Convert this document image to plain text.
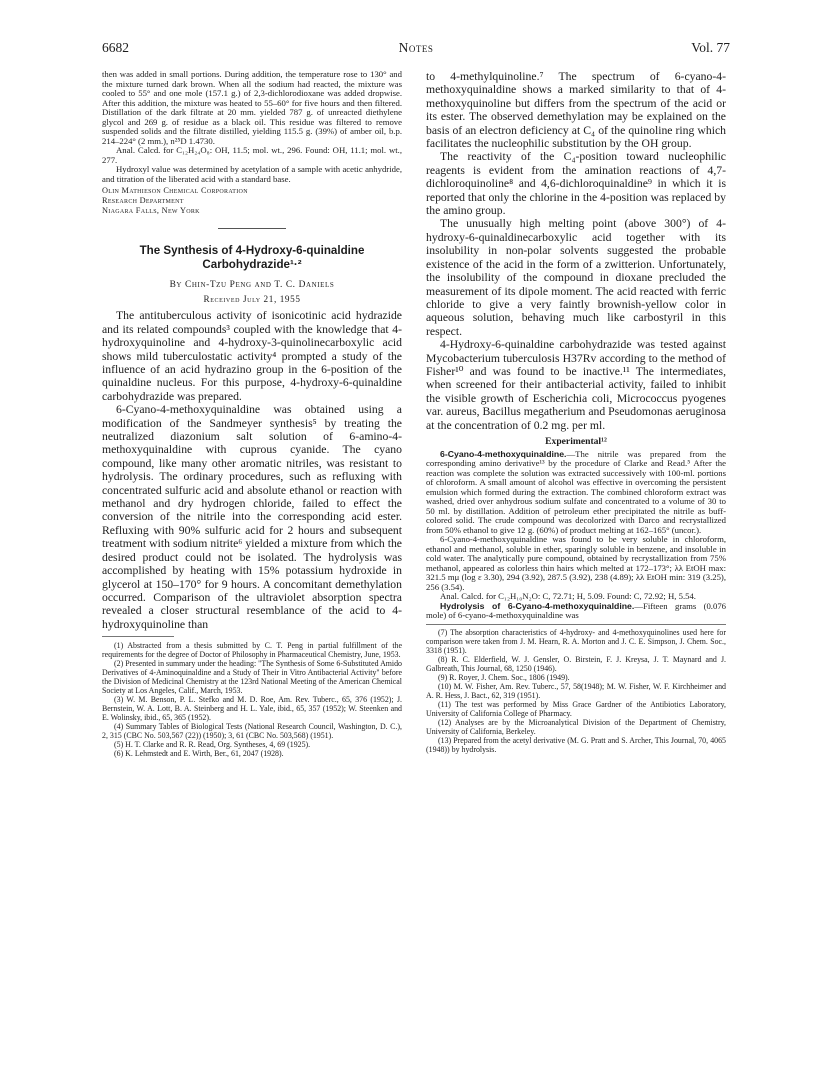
6682	Notes	Vol. 77

then was added in small portions. During addition, the temperature rose to 130° and the mixture turned dark brown. When all the sodium had reacted, the mixture was cooled to 55° and one mole (157.1 g.) of 2,3-dichlorodioxane was added dropwise. After this addition, the mixture was heated to 55–60° for five hours and then filtered. Distillation of the dark filtrate at 20 mm. yielded 787 g. of unreacted diethylene glycol and 269 g. of residue as a black oil. This residue was filtered to remove suspended solids and the filtrate distilled, yielding 115.5 g. (39%) of amber oil, b.p. 214–224° (2 mm.), n²⁵D 1.4730.

Anal. Calcd. for C₁₂H₂₄O₈: OH, 11.5; mol. wt., 296. Found: OH, 11.1; mol. wt., 277.

Hydroxyl value was determined by acetylation of a sample with acetic anhydride, and titration of the liberated acid with a standard base.

Olin Mathieson Chemical Corporation
Research Department
Niagara Falls, New York
The Synthesis of 4-Hydroxy-6-quinaldine Carbohydrazide¹·²
By Chin-Tzu Peng and T. C. Daniels
Received July 21, 1955

The antituberculous activity of isonicotinic acid hydrazide and its related compounds³ coupled with the knowledge that 4-hydroxyquinoline and 4-hydroxy-3-quinolinecarboxylic acid shows mild tuberculostatic activity⁴ prompted a study of the influence of an acid hydrazino group in the 6-position of the quinaldine nucleus. For this purpose, 4-hydroxy-6-quinaldine carbohydrazide was prepared.

6-Cyano-4-methoxyquinaldine was obtained using a modification of the Sandmeyer synthesis⁵ by treating the neutralized diazonium salt solution of 6-amino-4-methoxyquinaldine with cuprous cyanide. The cyano compound, like many other aromatic nitriles, was resistant to hydrolysis. The ordinary procedures, such as refluxing with concentrated sulfuric acid and absolute ethanol or reaction with methanol and dry hydrogen chloride, failed to effect the conversion of the nitrile into the corresponding acid ester. Refluxing with 90% sulfuric acid for 2 hours and subsequent treatment with sodium nitrite⁶ yielded a mixture from which the desired product could not be isolated. The hydrolysis was accomplished by heating with 15% potassium hydroxide in glycerol at 150–170° for 9 hours. A concomitant demethylation occurred. Comparison of the ultraviolet absorption spectra revealed a closer structural resemblance of the acid to 4-hydroxyquinoline than

(1) Abstracted from a thesis submitted by C. T. Peng in partial fulfillment of the requirements for the degree of Doctor of Philosophy in Pharmaceutical Chemistry, June, 1953.

(2) Presented in summary under the heading: "The Synthesis of Some 6-Substituted Amido Derivatives of 4-Aminoquinaldine and a Study of Their in Vitro Antibacterial Activity" before the Division of Medicinal Chemistry at the 123rd National Meeting of the American Chemical Society at Los Angeles, Calif., March, 1953.

(3) W. M. Benson, P. L. Stefko and M. D. Roe, Am. Rev. Tuberc., 65, 376 (1952); J. Bernstein, W. A. Lott, B. A. Steinberg and H. L. Yale, ibid., 65, 357 (1952); W. Steenken and E. Wolinsky, ibid., 65, 365 (1952).

(4) Summary Tables of Biological Tests (National Research Council, Washington, D. C.), 2, 315 (CBC No. 503,567 (22)) (1950); 3, 61 (CBC No. 503,568) (1951).

(5) H. T. Clarke and R. R. Read, Org. Syntheses, 4, 69 (1925).

(6) K. Lehmstedt and E. Wirth, Ber., 61, 2047 (1928).

to 4-methylquinoline.⁷ The spectrum of 6-cyano-4-methoxyquinaldine shows a marked similarity to that of 4-methoxyquinoline but differs from the spectrum of the acid or its ester. The observed demethylation may be explained on the basis of an electron deficiency at C₄ of the quinoline ring which facilitates the nucleophilic substitution by the OH group.

The reactivity of the C₄-position toward nucleophilic reagents is evident from the amination reactions of 4,7-dichloroquinoline⁸ and 4,6-dichloroquinaldine⁹ in which it is reported that only the chlorine in the 4-position was replaced by the amino group.

The unusually high melting point (above 300°) of 4-hydroxy-6-quinaldinecarboxylic acid together with its insolubility in non-polar solvents suggested the probable existence of the acid in the form of a zwitterion. Unfortunately, the insolubility of the compound in dioxane precluded the measurement of its dipole moment. The acid reacted with ferric chloride to give a very faintly brownish-yellow color in aqueous solution, behaving much like carbostyril in this respect.

4-Hydroxy-6-quinaldine carbohydrazide was tested against Mycobacterium tuberculosis H37Rv according to the method of Fisher¹⁰ and was found to be inactive.¹¹ The intermediates, when screened for their antibacterial activity, failed to inhibit the visible growth of Escherichia coli, Micrococcus pyogenes var. aureus, Bacillus megatherium and Pseudomonas aeruginosa at the concentration of 0.2 mg. per ml.

Experimental¹²

6-Cyano-4-methoxyquinaldine.—The nitrile was prepared from the corresponding amino derivative¹³ by the procedure of Clarke and Read.⁵ After the reaction was complete the solution was extracted successively with 100-ml. portions of chloroform. A small amount of alcohol was effective in overcoming the persistent emulsion which formed during the extraction. The combined chloroform extract was washed, dried over anhydrous sodium sulfate and concentrated to a volume of 30 to 50 ml. by distillation. Addition of petroleum ether precipitated the nitrile as buff-colored solid. The crude compound was decolorized with Darco and recrystallized from 50% ethanol to give 12 g. (60%) of product melting at 162–165° (uncor.).

6-Cyano-4-methoxyquinaldine was found to be very soluble in chloroform, ethanol and methanol, soluble in ether, sparingly soluble in benzene, and insoluble in cold water. The analytically pure compound, obtained by recrystallization from 75% methanol, appeared as colorless thin hairs which melted at 172–173°; λλ EtOH max: 321.5 mμ (log ε 3.30), 294 (3.92), 287.5 (3.92), 238 (4.89); λλ EtOH min: 319 (3.25), 256 (3.54).

Anal. Calcd. for C₁₂H₁₀N₂O: C, 72.71; H, 5.09. Found: C, 72.92; H, 5.54.

Hydrolysis of 6-Cyano-4-methoxyquinaldine.—Fifteen grams (0.076 mole) of 6-cyano-4-methoxyquinaldine was

(7) The absorption characteristics of 4-hydroxy- and 4-methoxyquinolines used here for comparison were taken from J. M. Hearn, R. A. Morton and J. C. E. Simpson, J. Chem. Soc., 3318 (1951).

(8) R. C. Elderfield, W. J. Gensler, O. Birstein, F. J. Kreysa, J. T. Maynard and J. Galbreath, This Journal, 68, 1250 (1946).

(9) R. Royer, J. Chem. Soc., 1806 (1949).

(10) M. W. Fisher, Am. Rev. Tuberc., 57, 58(1948); M. W. Fisher, W. F. Kirchheimer and A. R. Hess, J. Bact., 62, 319 (1951).

(11) The test was performed by Miss Grace Gardner of the Antibiotics Laboratory, University of California College of Pharmacy.

(12) Analyses are by the Microanalytical Division of the Department of Chemistry, University of California, Berkeley.

(13) Prepared from the acetyl derivative (M. G. Pratt and S. Archer, This Journal, 70, 4065 (1948)) by hydrolysis.
